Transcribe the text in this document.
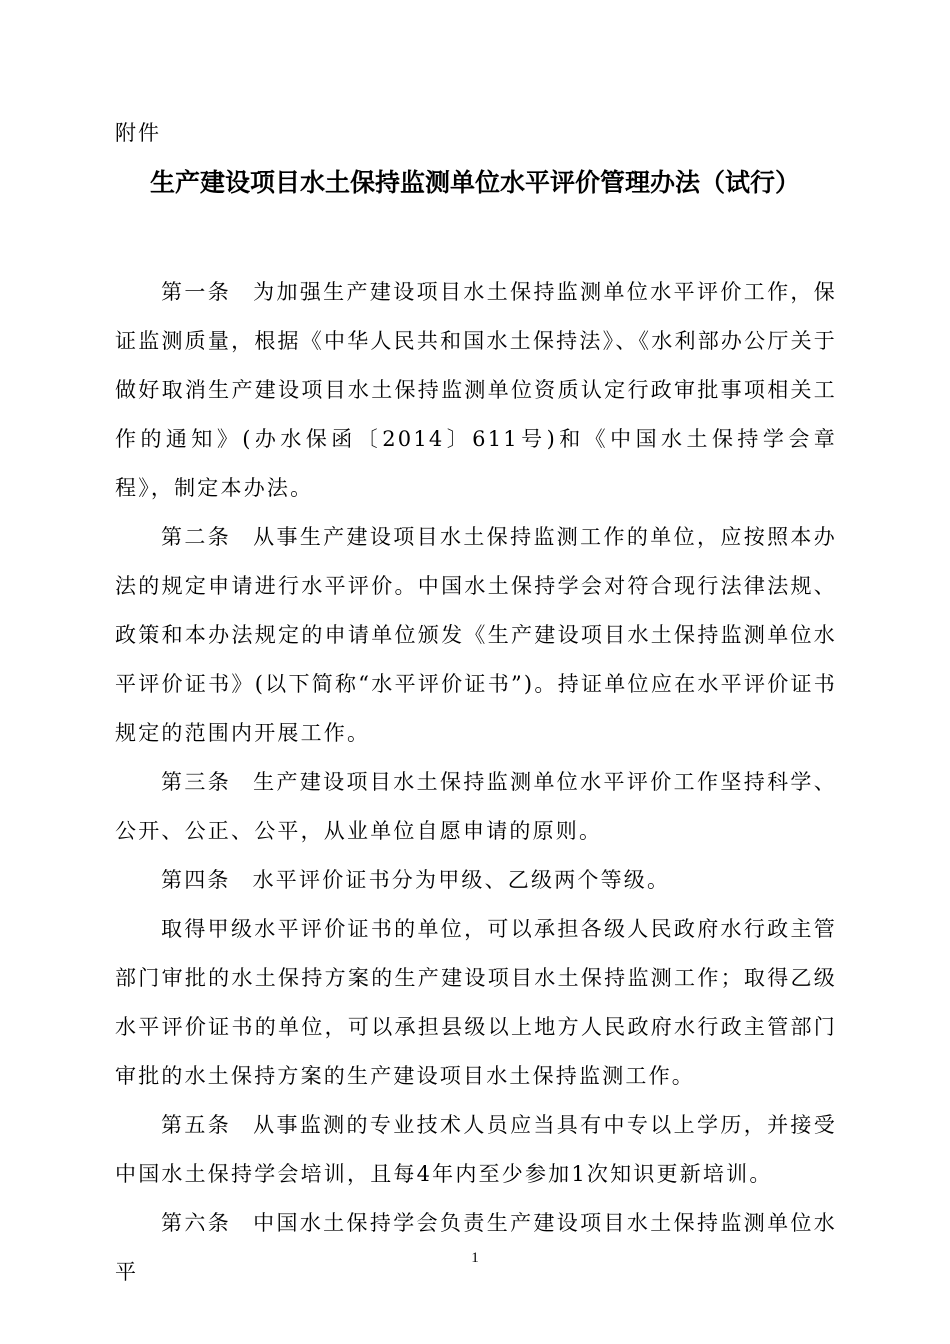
附件
生产建设项目水土保持监测单位水平评价管理办法（试行）

第一条 为加强生产建设项目水土保持监测单位水平评价工作，保证监测质量，根据《中华人民共和国水土保持法》、《水利部办公厅关于做好取消生产建设项目水土保持监测单位资质认定行政审批事项相关工作的通知》(办水保函〔2014〕611号)和《中国水土保持学会章程》，制定本办法。

第二条 从事生产建设项目水土保持监测工作的单位，应按照本办法的规定申请进行水平评价。中国水土保持学会对符合现行法律法规、政策和本办法规定的申请单位颁发《生产建设项目水土保持监测单位水平评价证书》(以下简称“水平评价证书”)。持证单位应在水平评价证书规定的范围内开展工作。

第三条 生产建设项目水土保持监测单位水平评价工作坚持科学、公开、公正、公平，从业单位自愿申请的原则。

第四条 水平评价证书分为甲级、乙级两个等级。

取得甲级水平评价证书的单位，可以承担各级人民政府水行政主管部门审批的水土保持方案的生产建设项目水土保持监测工作；取得乙级水平评价证书的单位，可以承担县级以上地方人民政府水行政主管部门审批的水土保持方案的生产建设项目水土保持监测工作。

第五条 从事监测的专业技术人员应当具有中专以上学历，并接受中国水土保持学会培训，且每4年内至少参加1次知识更新培训。

第六条 中国水土保持学会负责生产建设项目水土保持监测单位水平

1
